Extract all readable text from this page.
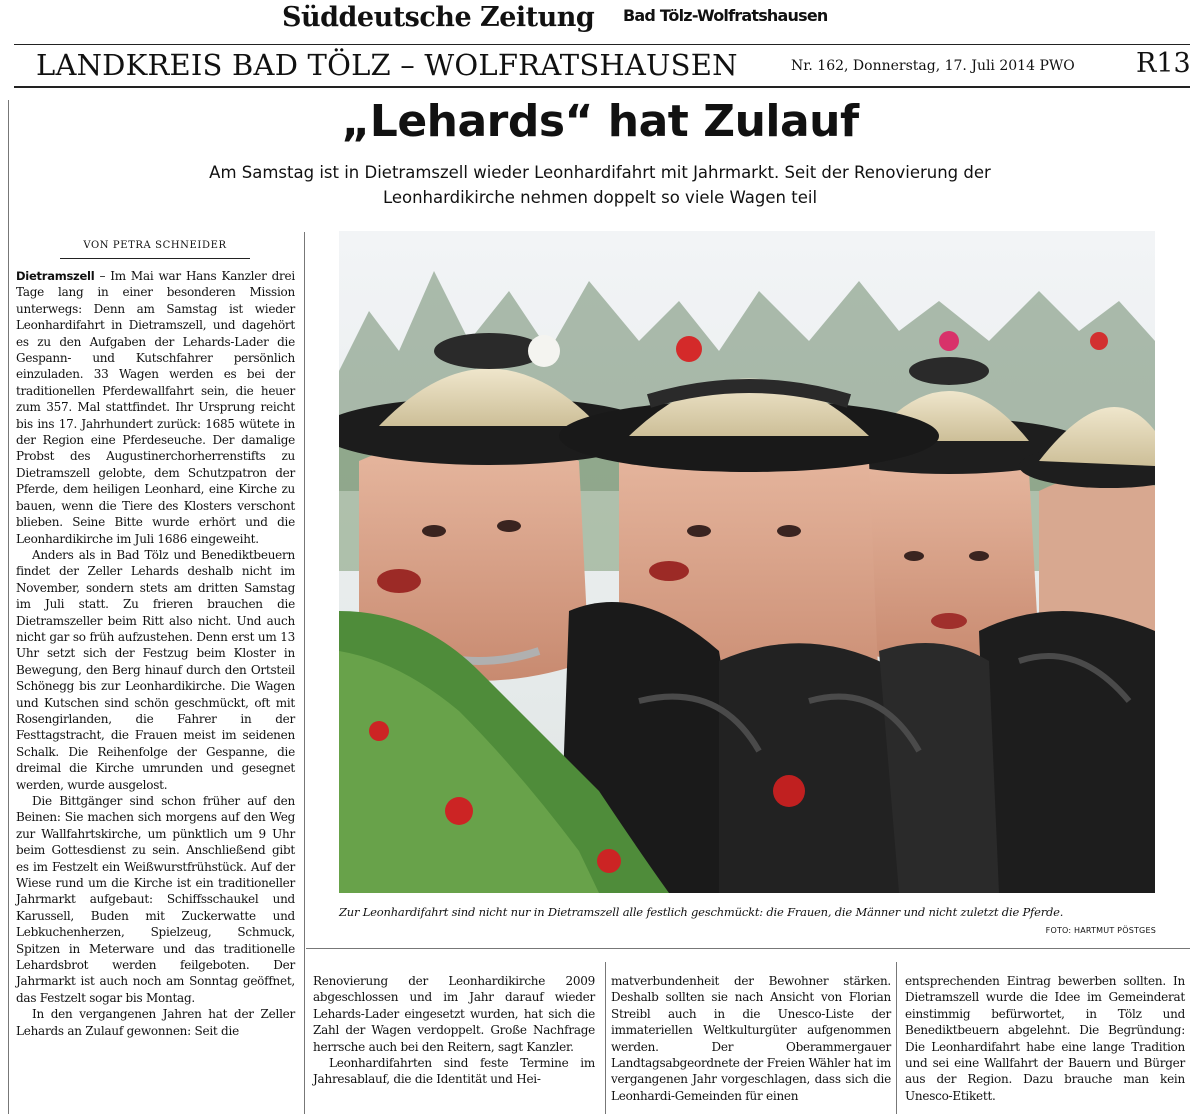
Süddeutsche Zeitung Bad Tölz-Wolfratshausen
LANDKREIS BAD TÖLZ – WOLFRATSHAUSEN	Nr. 162, Donnerstag, 17. Juli 2014 PWO R13
„Lehards“ hat Zulauf
Am Samstag ist in Dietramszell wieder Leonhardifahrt mit Jahrmarkt. Seit der Renovierung der Leonhardikirche nehmen doppelt so viele Wagen teil
VON PETRA SCHNEIDER

Dietramszell – Im Mai war Hans Kanzler drei Tage lang in einer besonderen Mission unterwegs: Denn am Samstag ist wieder Leonhardifahrt in Dietramszell, und dagehört es zu den Aufgaben der Lehards-Lader die Gespann- und Kutschfahrer persönlich einzuladen. 33 Wagen werden es bei der traditionellen Pferdewallfahrt sein, die heuer zum 357. Mal stattfindet. Ihr Ursprung reicht bis ins 17. Jahrhundert zurück: 1685 wütete in der Region eine Pferdeseuche. Der damalige Probst des Augustinerchorherrenstifts zu Dietramszell gelobte, dem Schutzpatron der Pferde, dem heiligen Leonhard, eine Kirche zu bauen, wenn die Tiere des Klosters verschont blieben. Seine Bitte wurde erhört und die Leonhardikirche im Juli 1686 eingeweiht.

Anders als in Bad Tölz und Benediktbeuern findet der Zeller Lehards deshalb nicht im November, sondern stets am dritten Samstag im Juli statt. Zu frieren brauchen die Dietramszeller beim Ritt also nicht. Und auch nicht gar so früh aufzustehen. Denn erst um 13 Uhr setzt sich der Festzug beim Kloster in Bewegung, den Berg hinauf durch den Ortsteil Schönegg bis zur Leonhardikirche. Die Wagen und Kutschen sind schön geschmückt, oft mit Rosengirlanden, die Fahrer in der Festtagstracht, die Frauen meist im seidenen Schalk. Die Reihenfolge der Gespanne, die dreimal die Kirche umrunden und gesegnet werden, wurde ausgelost.

Die Bittgänger sind schon früher auf den Beinen: Sie machen sich morgens auf den Weg zur Wallfahrtskirche, um pünktlich um 9 Uhr beim Gottesdienst zu sein. Anschließend gibt es im Festzelt ein Weißwurstfrühstück. Auf der Wiese rund um die Kirche ist ein traditioneller Jahrmarkt aufgebaut: Schiffsschaukel und Karussell, Buden mit Zuckerwatte und Lebkuchenherzen, Spielzeug, Schmuck, Spitzen in Meterware und das traditionelle Lehardsbrot werden feilgeboten. Der Jahrmarkt ist auch noch am Sonntag geöffnet, das Festzelt sogar bis Montag.

In den vergangenen Jahren hat der Zeller Lehards an Zulauf gewonnen: Seit die

Zur Leonhardifahrt sind nicht nur in Dietramszell alle festlich geschmückt: die Frauen, die Männer und nicht zuletzt die Pferde.
FOTO: HARTMUT PÖSTGES

Renovierung der Leonhardikirche 2009 abgeschlossen und im Jahr darauf wieder Lehards-Lader eingesetzt wurden, hat sich die Zahl der Wagen verdoppelt. Große Nachfrage herrsche auch bei den Reitern, sagt Kanzler.

Leonhardifahrten sind feste Termine im Jahresablauf, die die Identität und Hei-

matverbundenheit der Bewohner stärken. Deshalb sollten sie nach Ansicht von Florian Streibl auch in die Unesco-Liste der immateriellen Weltkulturgüter aufgenommen werden. Der Oberammergauer Landtagsabgeordnete der Freien Wähler hat im vergangenen Jahr vorgeschlagen, dass sich die Leonhardi-Gemeinden für einen

entsprechenden Eintrag bewerben sollten. In Dietramszell wurde die Idee im Gemeinderat einstimmig befürwortet, in Tölz und Benediktbeuern abgelehnt. Die Begründung: Die Leonhardifahrt habe eine lange Tradition und sei eine Wallfahrt der Bauern und Bürger aus der Region. Dazu brauche man kein Unesco-Etikett.
